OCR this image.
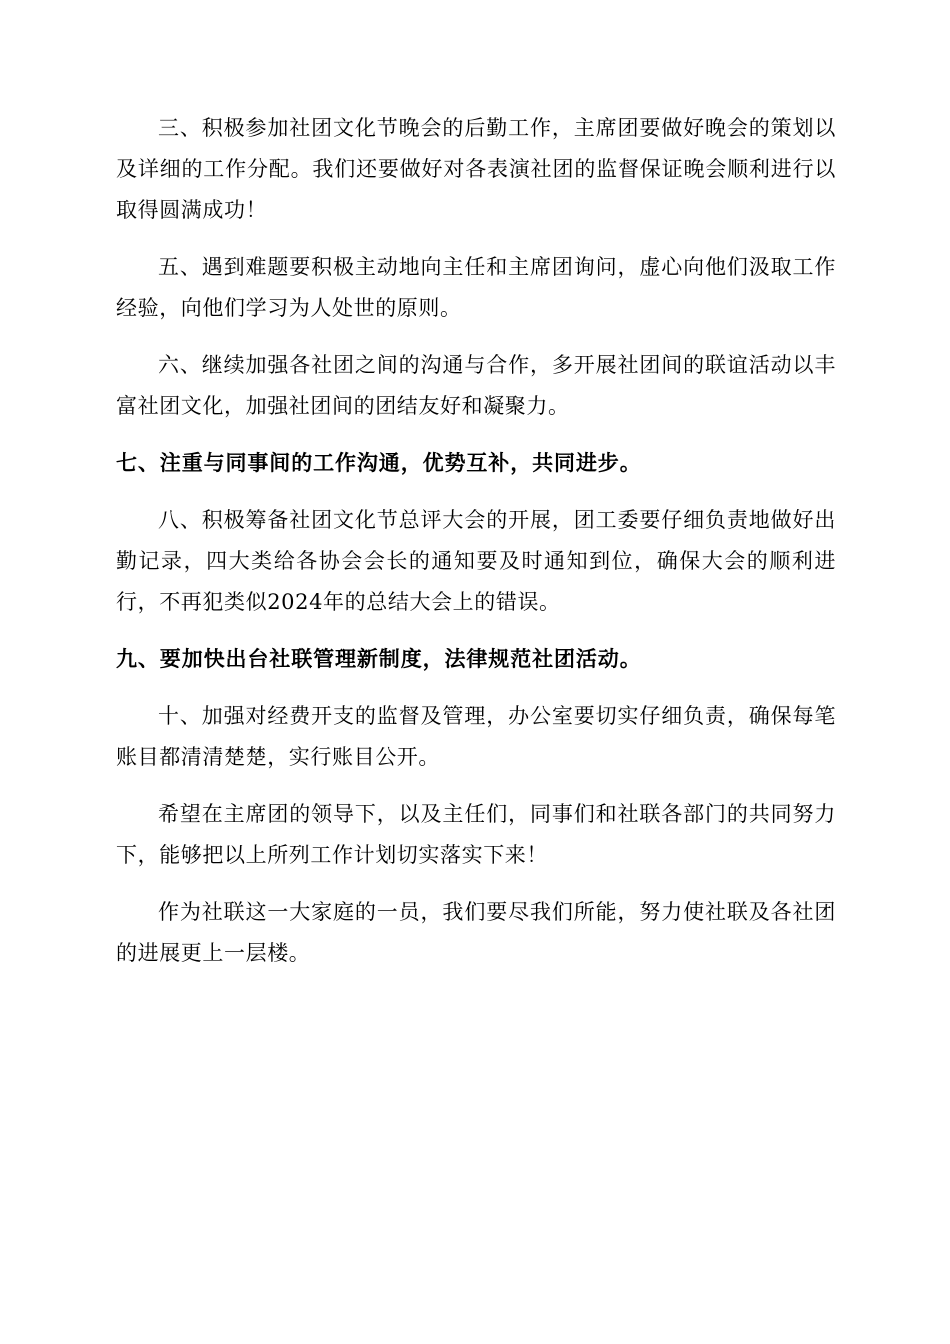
三、积极参加社团文化节晚会的后勤工作，主席团要做好晚会的策划以及详细的工作分配。我们还要做好对各表演社团的监督保证晚会顺利进行以取得圆满成功！

五、遇到难题要积极主动地向主任和主席团询问，虚心向他们汲取工作经验，向他们学习为人处世的原则。

六、继续加强各社团之间的沟通与合作，多开展社团间的联谊活动以丰富社团文化，加强社团间的团结友好和凝聚力。

七、注重与同事间的工作沟通，优势互补，共同进步。

八、积极筹备社团文化节总评大会的开展，团工委要仔细负责地做好出勤记录，四大类给各协会会长的通知要及时通知到位，确保大会的顺利进行，不再犯类似2024年的总结大会上的错误。

九、要加快出台社联管理新制度，法律规范社团活动。

十、加强对经费开支的监督及管理，办公室要切实仔细负责，确保每笔账目都清清楚楚，实行账目公开。

希望在主席团的领导下，以及主任们，同事们和社联各部门的共同努力下，能够把以上所列工作计划切实落实下来！

作为社联这一大家庭的一员，我们要尽我们所能，努力使社联及各社团的进展更上一层楼。
